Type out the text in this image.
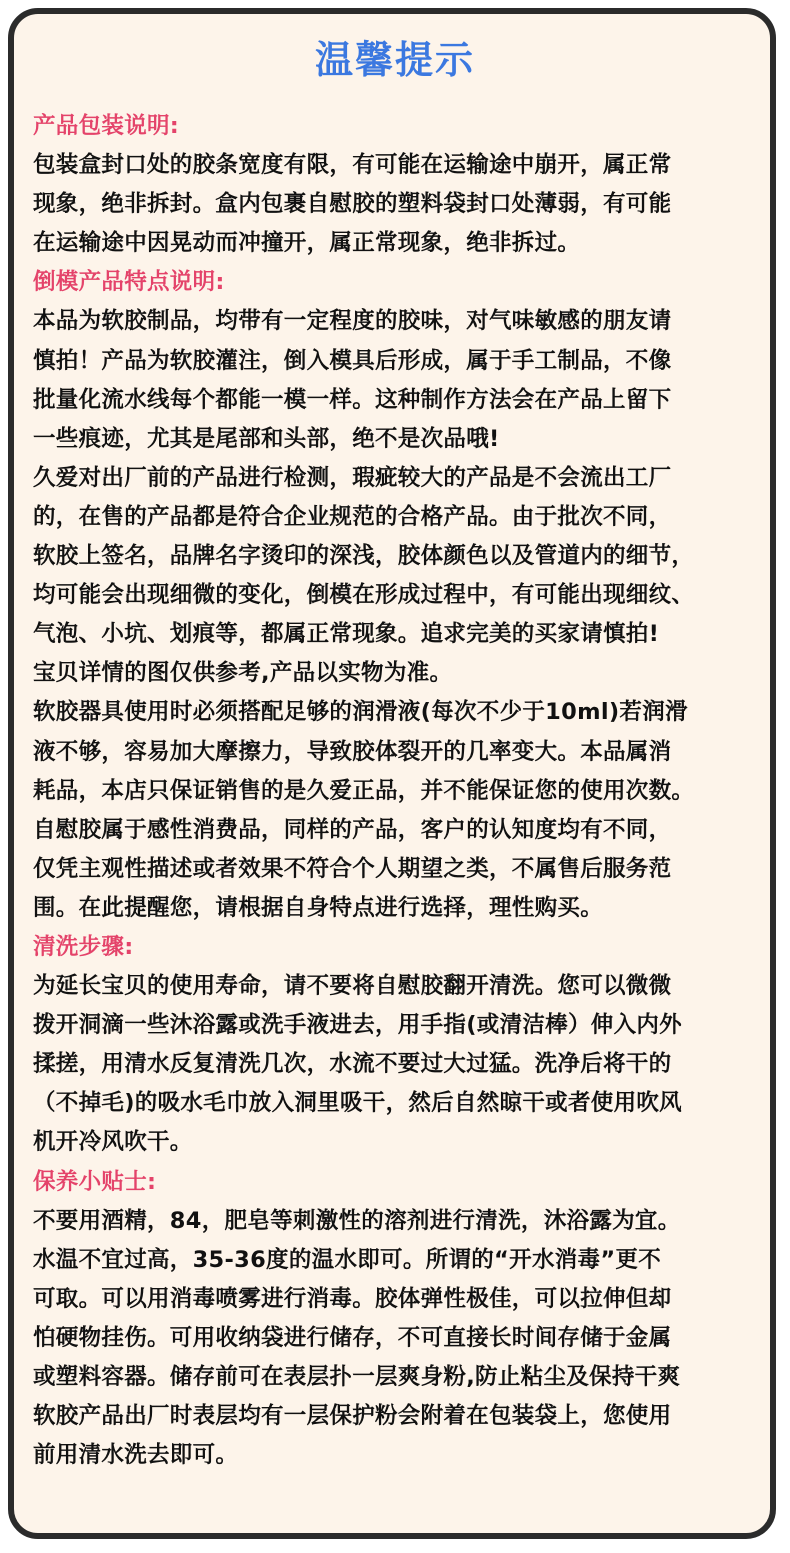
温馨提示

产品包装说明:

包装盒封口处的胶条宽度有限，有可能在运输途中崩开，属正常

现象，绝非拆封。盒内包裹自慰胶的塑料袋封口处薄弱，有可能

在运输途中因晃动而冲撞开，属正常现象，绝非拆过。

倒模产品特点说明:

本品为软胶制品，均带有一定程度的胶味，对气味敏感的朋友请

慎拍！产品为软胶灌注，倒入模具后形成，属于手工制品，不像

批量化流水线每个都能一模一样。这种制作方法会在产品上留下

一些痕迹，尤其是尾部和头部，绝不是次品哦!

久爱对出厂前的产品进行检测，瑕疵较大的产品是不会流出工厂

的，在售的产品都是符合企业规范的合格产品。由于批次不同，

软胶上签名，品牌名字烫印的深浅，胶体颜色以及管道内的细节，

均可能会出现细微的变化，倒模在形成过程中，有可能出现细纹、

气泡、小坑、划痕等，都属正常现象。追求完美的买家请慎拍!

宝贝详情的图仅供参考,产品以实物为准。

软胶器具使用时必须搭配足够的润滑液(每次不少于10ml)若润滑

液不够，容易加大摩擦力，导致胶体裂开的几率变大。本品属消

耗品，本店只保证销售的是久爱正品，并不能保证您的使用次数。

自慰胶属于感性消费品，同样的产品，客户的认知度均有不同，

仅凭主观性描述或者效果不符合个人期望之类，不属售后服务范

围。在此提醒您，请根据自身特点进行选择，理性购买。

清洗步骤:

为延长宝贝的使用寿命，请不要将自慰胶翻开清洗。您可以微微

拨开洞滴一些沐浴露或洗手液进去，用手指(或清洁棒）伸入内外

揉搓，用清水反复清洗几次，水流不要过大过猛。洗净后将干的

（不掉毛)的吸水毛巾放入洞里吸干，然后自然晾干或者使用吹风

机开冷风吹干。

保养小贴士:

不要用酒精，84，肥皂等刺激性的溶剂进行清洗，沐浴露为宜。

水温不宜过高，35-36度的温水即可。所谓的“开水消毒”更不

可取。可以用消毒喷雾进行消毒。胶体弹性极佳，可以拉伸但却

怕硬物挂伤。可用收纳袋进行储存，不可直接长时间存储于金属

或塑料容器。储存前可在表层扑一层爽身粉,防止粘尘及保持干爽

软胶产品出厂时表层均有一层保护粉会附着在包装袋上，您使用

前用清水洗去即可。
